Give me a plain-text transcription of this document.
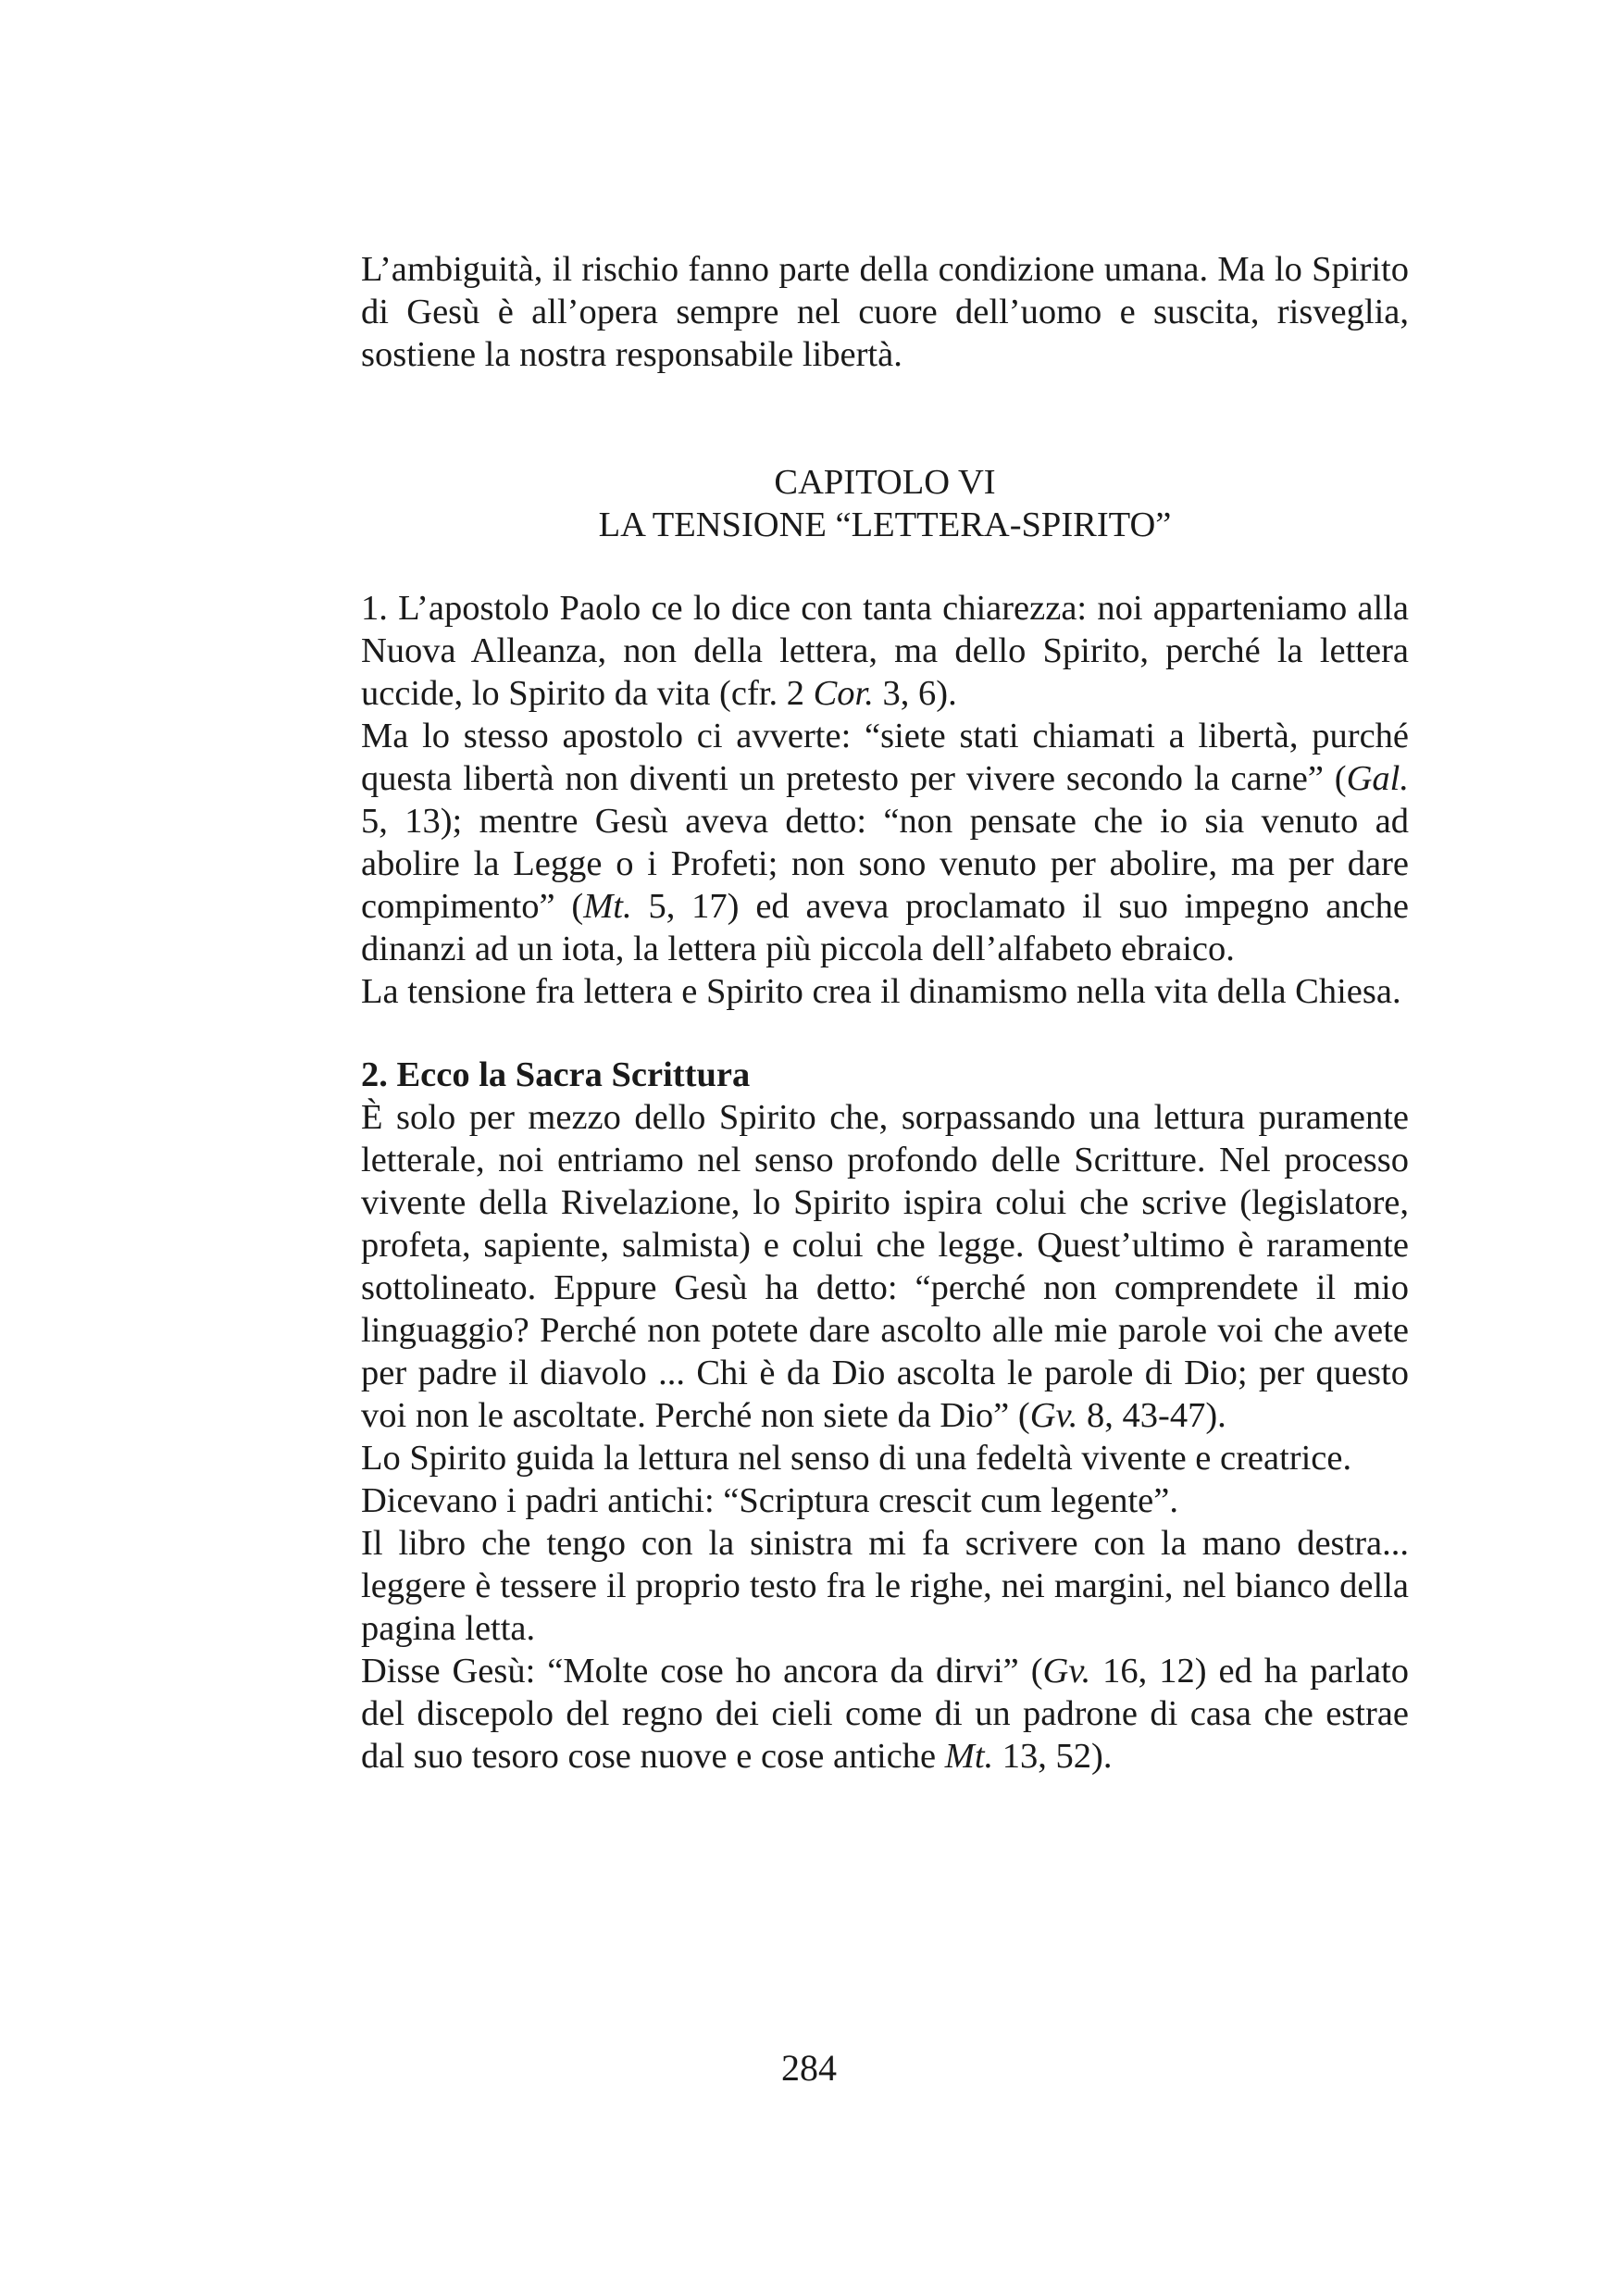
L’ambiguità, il rischio fanno parte della condizione umana. Ma lo Spirito di Gesù è all’opera sempre nel cuore dell’uomo e suscita, risveglia, sostiene la nostra responsabile libertà.

CAPITOLO VI
LA TENSIONE “LETTERA-SPIRITO”

1. L’apostolo Paolo ce lo dice con tanta chiarezza: noi apparteniamo alla Nuova Alleanza, non della lettera, ma dello Spirito, perché la lettera uccide, lo Spirito da vita (cfr. 2 Cor. 3, 6).

Ma lo stesso apostolo ci avverte: “siete stati chiamati a libertà, purché questa libertà non diventi un pretesto per vivere secondo la carne” (Gal. 5, 13); mentre Gesù aveva detto: “non pensate che io sia venuto ad abolire la Legge o i Profeti; non sono venuto per abolire, ma per dare compimento” (Mt. 5, 17) ed aveva proclamato il suo impegno anche dinanzi ad un iota, la lettera più piccola dell’alfabeto ebraico.

La tensione fra lettera e Spirito crea il dinamismo nella vita della Chiesa.

2. Ecco la Sacra Scrittura

È solo per mezzo dello Spirito che, sorpassando una lettura puramente letterale, noi entriamo nel senso profondo delle Scritture. Nel processo vivente della Rivelazione, lo Spirito ispira colui che scrive (legislatore, profeta, sapiente, salmista) e colui che legge. Quest’ultimo è raramente sottolineato. Eppure Gesù ha detto: “perché non comprendete il mio linguaggio? Perché non potete dare ascolto alle mie parole voi che avete per padre il diavolo ... Chi è da Dio ascolta le parole di Dio; per questo voi non le ascoltate. Perché non siete da Dio” (Gv. 8, 43-47).

Lo Spirito guida la lettura nel senso di una fedeltà vivente e creatrice.

Dicevano i padri antichi: “Scriptura crescit cum legente”.

Il libro che tengo con la sinistra mi fa scrivere con la mano destra... leggere è tessere il proprio testo fra le righe, nei margini, nel bianco della pagina letta.

Disse Gesù: “Molte cose ho ancora da dirvi” (Gv. 16, 12) ed ha parlato del discepolo del regno dei cieli come di un padrone di casa che estrae dal suo tesoro cose nuove e cose antiche Mt. 13, 52).

284
